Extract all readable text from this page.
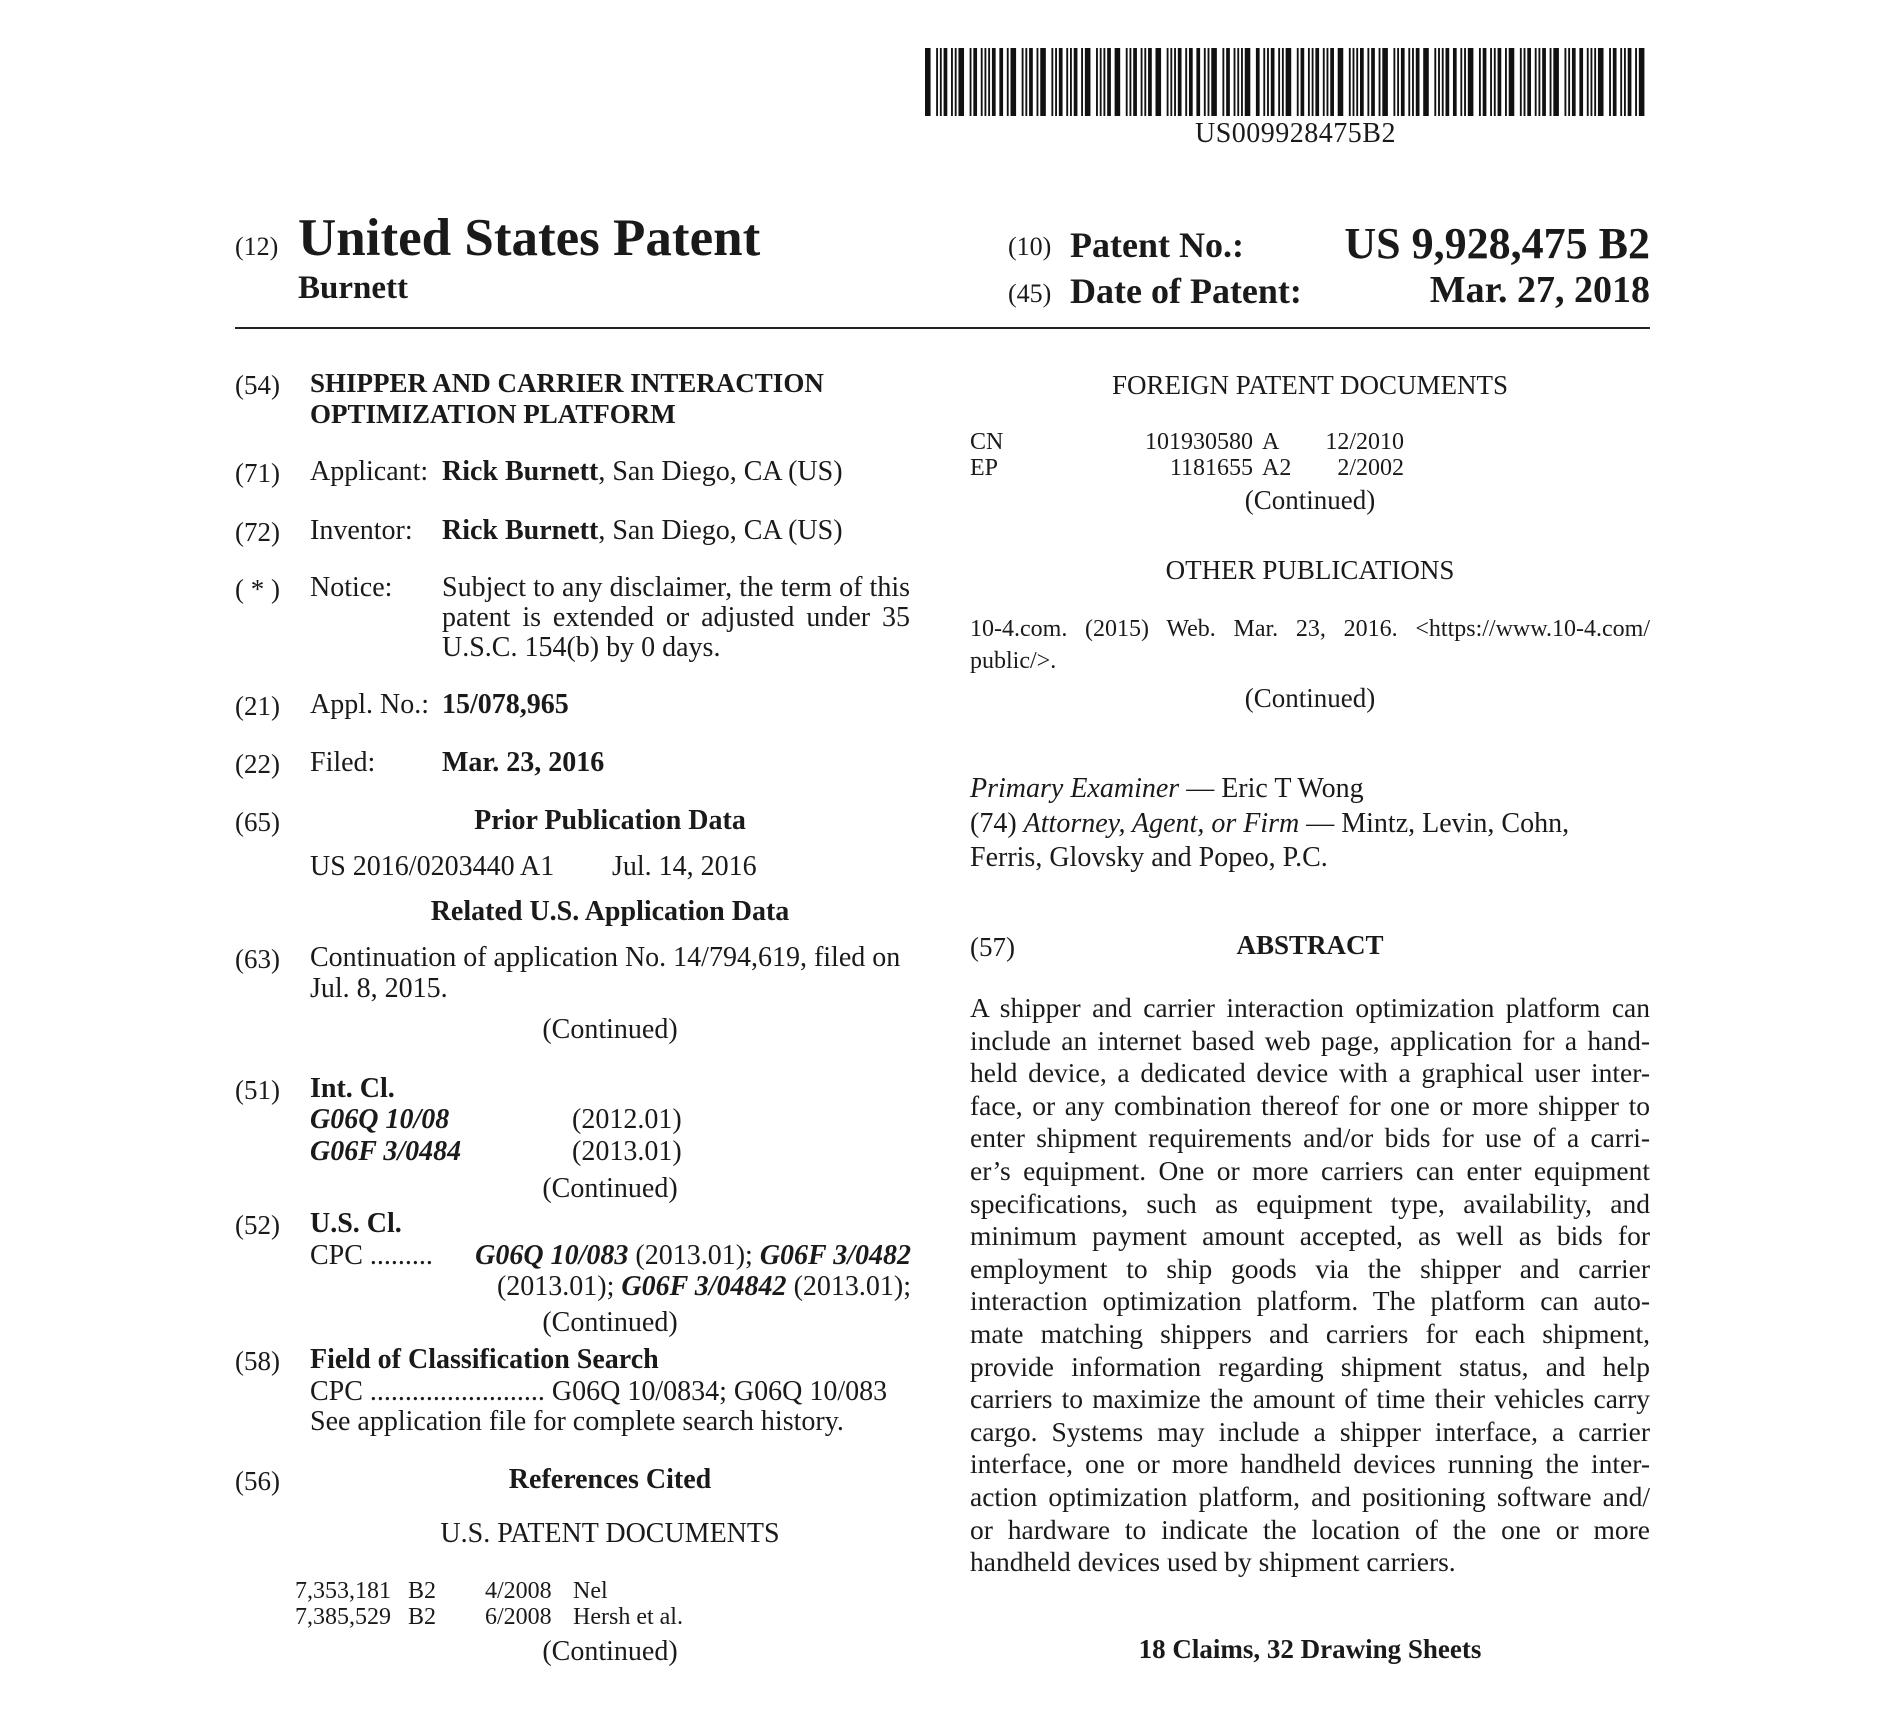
US009928475B2
(12) United States Patent
Burnett
(10) Patent No.: US 9,928,475 B2
(45) Date of Patent:	Mar. 27, 2018
(54) SHIPPER AND CARRIER INTERACTION
OPTIMIZATION PLATFORM
(71) Applicant: Rick Burnett, San Diego, CA (US)
(72) Inventor: Rick Burnett, San Diego, CA (US)
( * ) Notice: Subject to any disclaimer, the term of this
patent is extended or adjusted under 35
U.S.C. 154(b) by 0 days.
(21) Appl. No.: 15/078,965
(22) Filed: Mar. 23, 2016
(65)	Prior Publication Data
US 2016/0203440 A1 Jul. 14, 2016
Related U.S. Application Data
(63) Continuation of application No. 14/794,619, filed on
Jul. 8, 2015.
(Continued)
(51) Int. Cl.
G06Q 10/08	(2012.01)
G06F 3/0484	(2013.01)
(Continued)
(52) U.S. Cl.
CPC ......... G06Q 10/083 (2013.01); G06F 3/0482
(2013.01); G06F 3/04842 (2013.01);
(Continued)
(58) Field of Classification Search
CPC ......................... G06Q 10/0834; G06Q 10/083
See application file for complete search history.
(56)	References Cited
U.S. PATENT DOCUMENTS
7,353,181 B2 4/2008 Nel
7,385,529 B2 6/2008 Hersh et al.
(Continued)
FOREIGN PATENT DOCUMENTS
CN	101930580 A 12/2010
EP	1181655 A2 2/2002
(Continued)
OTHER PUBLICATIONS
10-4.com. (2015) Web. Mar. 23, 2016. <https://www.10-4.com/
public/>.
(Continued)
Primary Examiner — Eric T Wong
(74) Attorney, Agent, or Firm — Mintz, Levin, Cohn,
Ferris, Glovsky and Popeo, P.C.
(57)	ABSTRACT
A shipper and carrier interaction optimization platform can
include an internet based web page, application for a hand-
held device, a dedicated device with a graphical user inter-
face, or any combination thereof for one or more shipper to
enter shipment requirements and/or bids for use of a carri-
er’s equipment. One or more carriers can enter equipment
specifications, such as equipment type, availability, and
minimum payment amount accepted, as well as bids for
employment to ship goods via the shipper and carrier
interaction optimization platform. The platform can auto-
mate matching shippers and carriers for each shipment,
provide information regarding shipment status, and help
carriers to maximize the amount of time their vehicles carry
cargo. Systems may include a shipper interface, a carrier
interface, one or more handheld devices running the inter-
action optimization platform, and positioning software and/
or hardware to indicate the location of the one or more
handheld devices used by shipment carriers.
18 Claims, 32 Drawing Sheets
